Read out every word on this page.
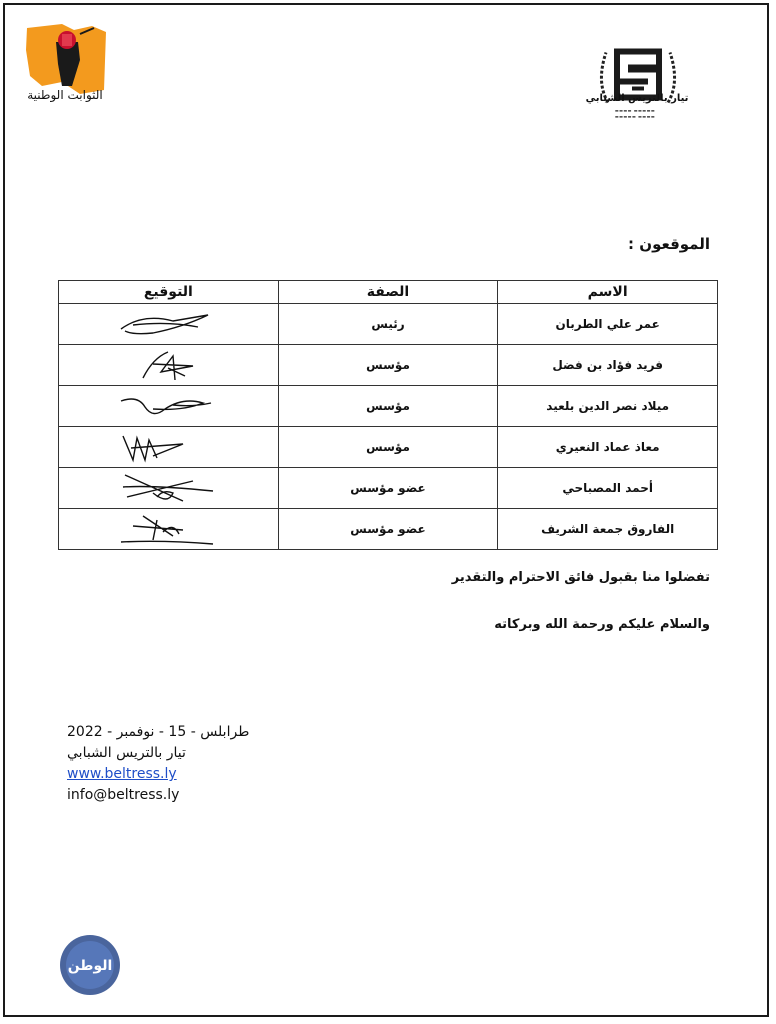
الثوابت الوطنية	تيار بالتريس الشبابي
▬▬▬▬ ▬▬▬▬▬
▬▬▬▬▬ ▬▬▬▬
الموقعون :
الاسم	الصفة	التوقيع
عمر علي الطربان	رئيس	

فريد فؤاد بن فضل	مؤسس	

ميلاد نصر الدين بلعيد	مؤسس	

معاذ عماد النعيري	مؤسس	

أحمد المصباحي	عضو مؤسس	

الفاروق جمعة الشريف	عضو مؤسس	
تفضلوا منا بقبول فائق الاحترام والتقدير
والسلام عليكم ورحمة الله وبركاته
طرابلس - 15 - نوفمبر - 2022
تيار بالتريس الشبابي
www.beltress.ly
info@beltress.ly
الوطن
